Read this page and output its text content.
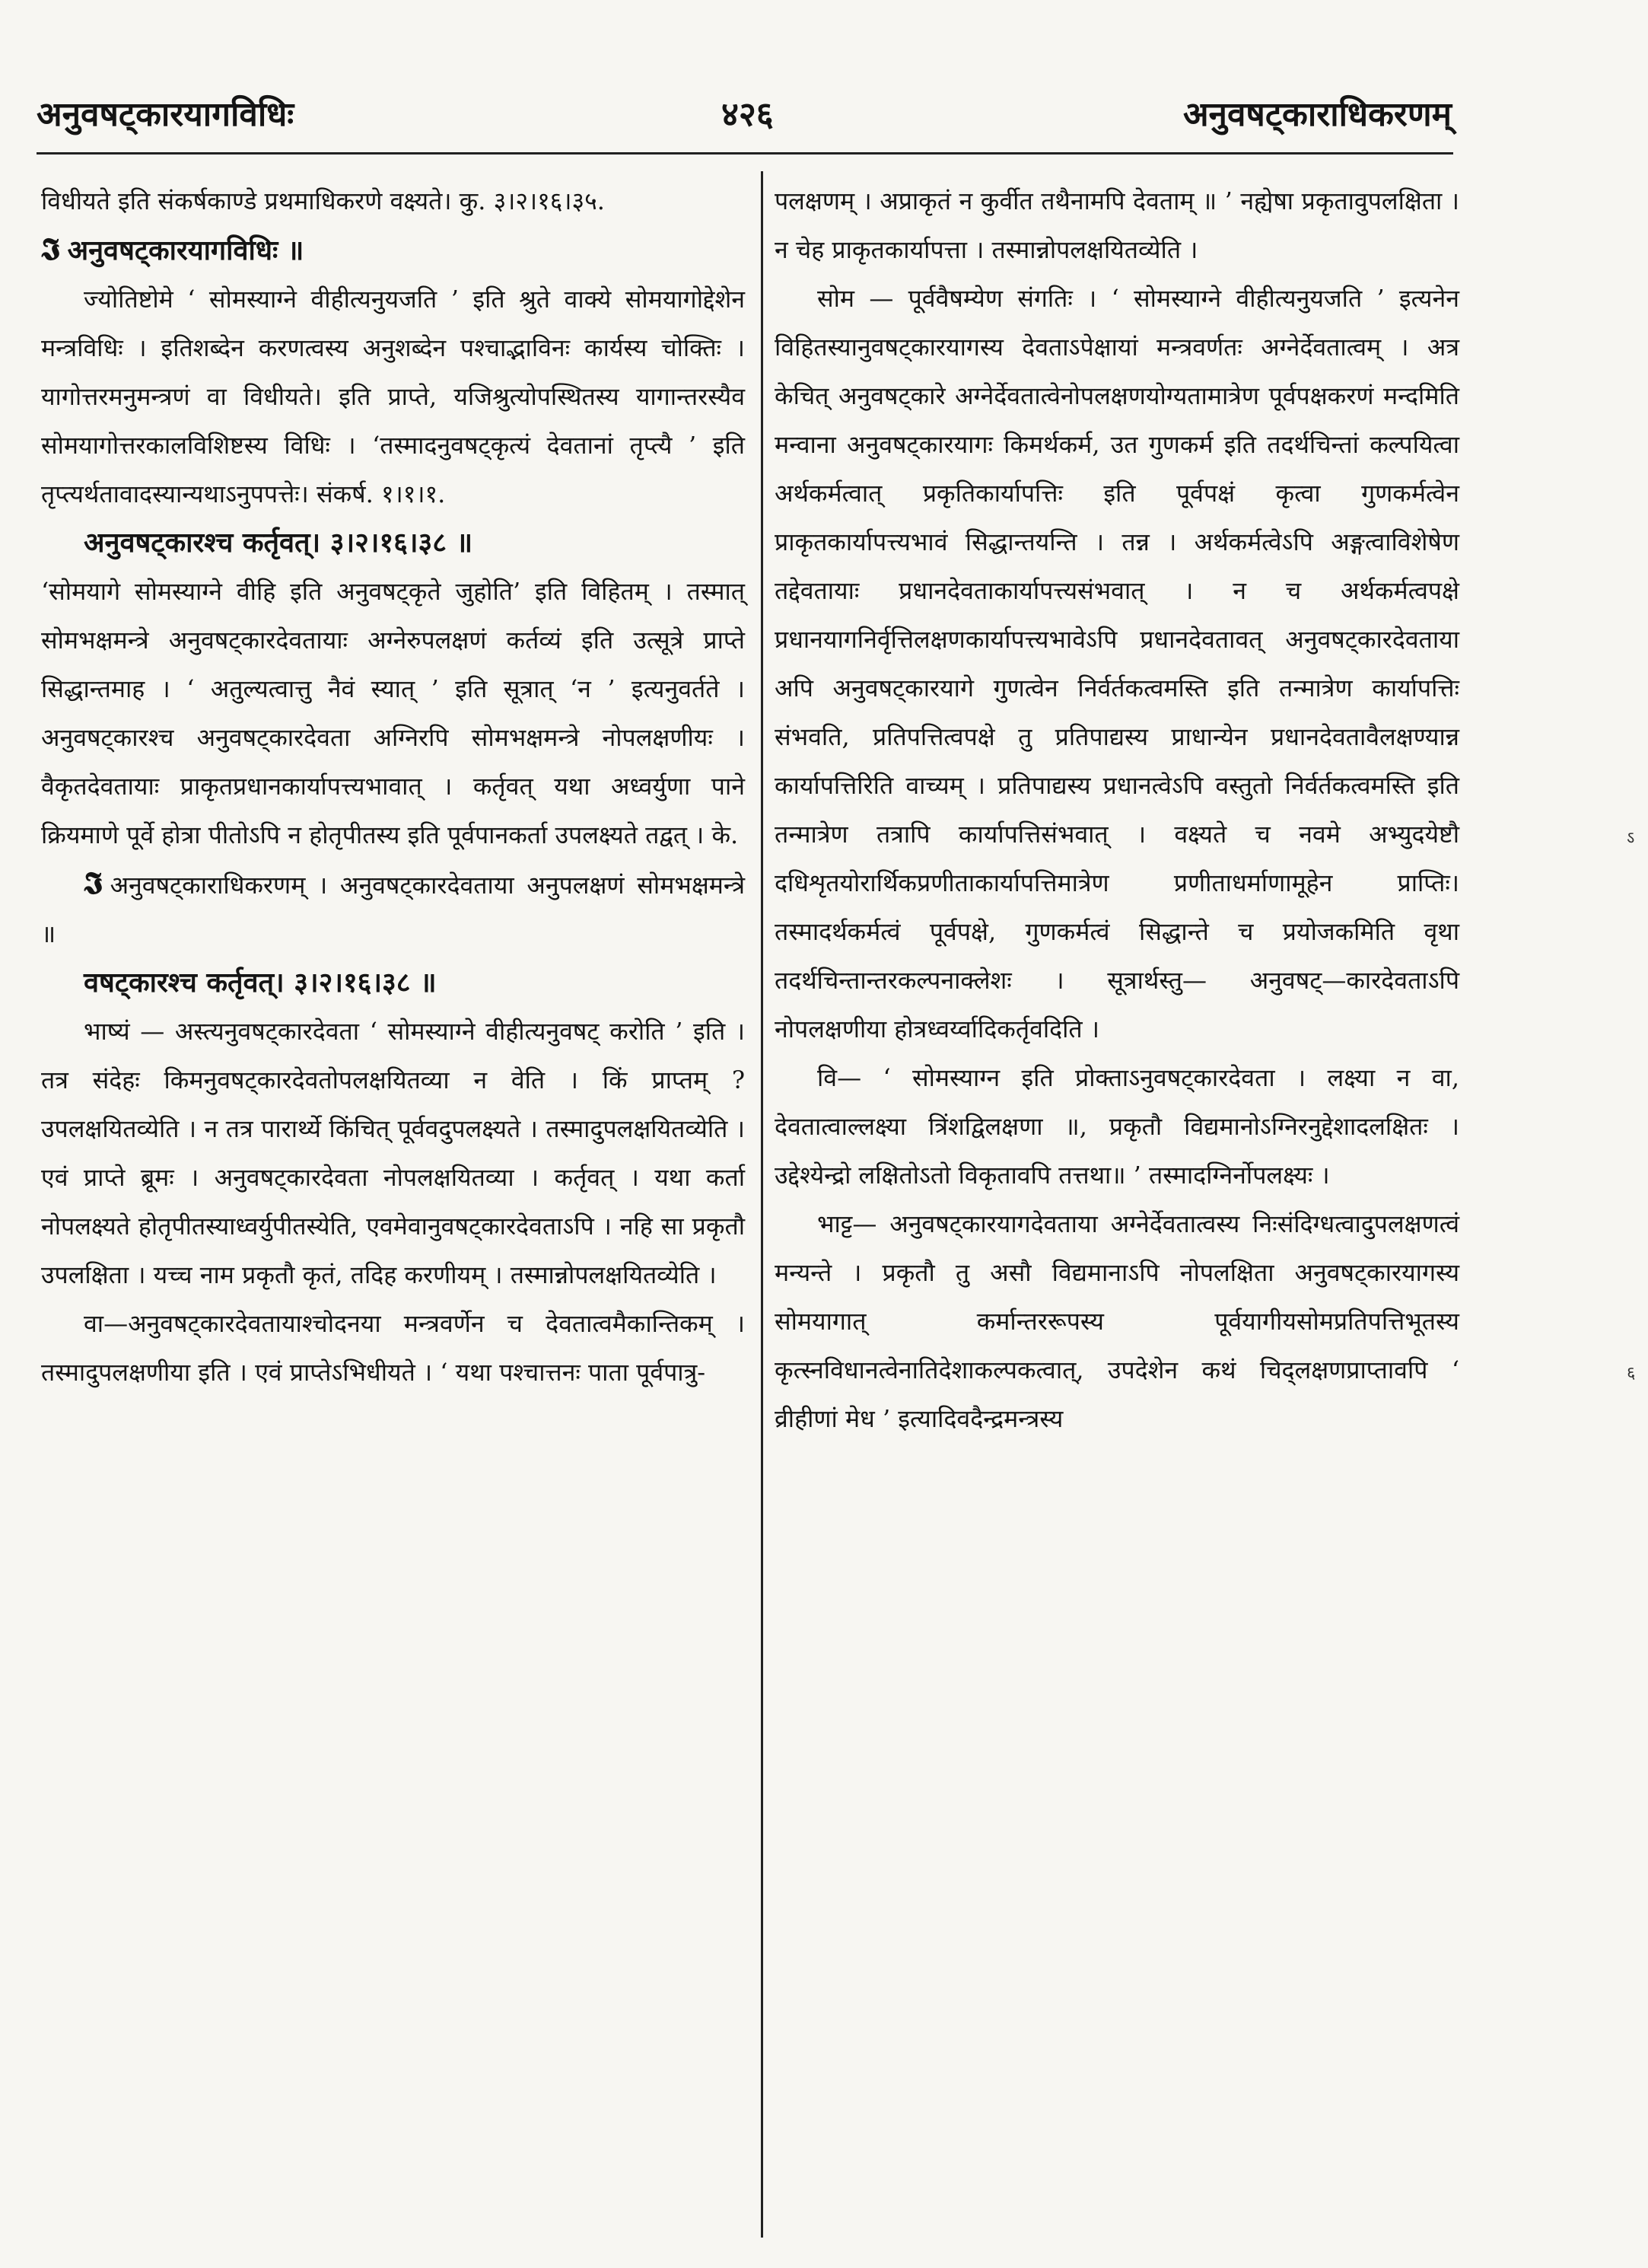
अनुवषट्कारयागविधिः	४२६	अनुवषट्काराधिकरणम्

विधीयते इति संकर्षकाण्डे प्रथमाधिकरणे वक्ष्यते। कु. ३।२।१६।३५.

𝕴 अनुवषट्कारयागविधिः ॥

ज्योतिष्टोमे ‘ सोमस्याग्ने वीहीत्यनुयजति ’ इति श्रुते वाक्ये सोमयागोद्देशेन मन्त्रविधिः । इतिशब्देन करणत्वस्य अनुशब्देन पश्चाद्भाविनः कार्यस्य चोक्तिः । यागोत्तरमनुमन्त्रणं वा विधीयते। इति प्राप्ते, यजिश्रुत्योपस्थितस्य यागान्तरस्यैव सोमयागोत्तरकालविशिष्टस्य विधिः । ‘तस्मादनुवषट्कृत्यं देवतानां तृप्त्यै ’ इति तृप्त्यर्थतावादस्यान्यथाऽनुपपत्तेः। संकर्ष. १।१।१.

अनुवषट्कारश्च कर्तृवत्। ३।२।१६।३८ ॥

‘सोमयागे सोमस्याग्ने वीहि इति अनुवषट्कृते जुहोति’ इति विहितम् । तस्मात् सोमभक्षमन्त्रे अनुवषट्कारदेवतायाः अग्नेरुपलक्षणं कर्तव्यं इति उत्सूत्रे प्राप्ते सिद्धान्तमाह । ‘ अतुल्यत्वात्तु नैवं स्यात् ’ इति सूत्रात् ‘न ’ इत्यनुवर्तते । अनुवषट्कारश्च अनुवषट्कारदेवता अग्निरपि सोमभक्षमन्त्रे नोपलक्षणीयः । वैकृतदेवतायाः प्राकृतप्रधानकार्यापत्त्यभावात् । कर्तृवत् यथा अध्वर्युणा पाने क्रियमाणे पूर्वे होत्रा पीतोऽपि न होतृपीतस्य इति पूर्वपानकर्ता उपलक्ष्यते तद्वत् । के.

𝕴 अनुवषट्काराधिकरणम् । अनुवषट्कारदेवताया अनुपलक्षणं सोमभक्षमन्त्रे ॥

वषट्कारश्च कर्तृवत्। ३।२।१६।३८ ॥

भाष्यं — अस्त्यनुवषट्कारदेवता ‘ सोमस्याग्ने वीहीत्यनुवषट् करोति ’ इति । तत्र संदेहः किमनुवषट्कारदेवतोपलक्षयितव्या न वेति । किं प्राप्तम् ? उपलक्षयितव्येति । न तत्र पारार्थ्ये किंचित् पूर्ववदुपलक्ष्यते । तस्मादुपलक्षयितव्येति । एवं प्राप्ते ब्रूमः । अनुवषट्कारदेवता नोपलक्षयितव्या । कर्तृवत् । यथा कर्ता नोपलक्ष्यते होतृपीतस्याध्वर्युपीतस्येति, एवमेवानुवषट्कारदेवताऽपि । नहि सा प्रकृतौ उपलक्षिता । यच्च नाम प्रकृतौ कृतं, तदिह करणीयम् । तस्मान्नोपलक्षयितव्येति ।

वा—अनुवषट्कारदेवतायाश्चोदनया मन्त्रवर्णेन च देवतात्वमैकान्तिकम् । तस्मादुपलक्षणीया इति । एवं प्राप्तेऽभिधीयते । ‘ यथा पश्चात्तनः पाता पूर्वपात्रु-

पलक्षणम् । अप्राकृतं न कुर्वीत तथैनामपि देवताम् ॥ ’ नह्येषा प्रकृतावुपलक्षिता । न चेह प्राकृतकार्यापत्ता । तस्मान्नोपलक्षयितव्येति ।

सोम — पूर्ववैषम्येण संगतिः । ‘ सोमस्याग्ने वीहीत्यनुयजति ’ इत्यनेन विहितस्यानुवषट्कारयागस्य देवताऽपेक्षायां मन्त्रवर्णतः अग्नेर्देवतात्वम् । अत्र केचित् अनुवषट्कारे अग्नेर्देवतात्वेनोपलक्षणयोग्यतामात्रेण पूर्वपक्षकरणं मन्दमिति मन्वाना अनुवषट्कारयागः किमर्थकर्म, उत गुणकर्म इति तदर्थचिन्तां कल्पयित्वा अर्थकर्मत्वात् प्रकृतिकार्यापत्तिः इति पूर्वपक्षं कृत्वा गुणकर्मत्वेन प्राकृतकार्यापत्त्यभावं सिद्धान्तयन्ति । तन्न । अर्थकर्मत्वेऽपि अङ्गत्वाविशेषेण तद्देवतायाः प्रधानदेवताकार्यापत्त्यसंभवात् । न च अर्थकर्मत्वपक्षे प्रधानयागनिर्वृत्तिलक्षणकार्यापत्त्यभावेऽपि प्रधानदेवतावत् अनुवषट्कारदेवताया अपि अनुवषट्कारयागे गुणत्वेन निर्वर्तकत्वमस्ति इति तन्मात्रेण कार्यापत्तिः संभवति, प्रतिपत्तित्वपक्षे तु प्रतिपाद्यस्य प्राधान्येन प्रधानदेवतावैलक्षण्यान्न कार्यापत्तिरिति वाच्यम् । प्रतिपाद्यस्य प्रधानत्वेऽपि वस्तुतो निर्वर्तकत्वमस्ति इति तन्मात्रेण तत्रापि कार्यापत्तिसंभवात् । वक्ष्यते च नवमे अभ्युदयेष्टौ दधिशृतयोरार्थिकप्रणीताकार्यापत्तिमात्रेण प्रणीताधर्माणामूहेन प्राप्तिः। तस्मादर्थकर्मत्वं पूर्वपक्षे, गुणकर्मत्वं सिद्धान्ते च प्रयोजकमिति वृथा तदर्थचिन्तान्तरकल्पनाक्लेशः । सूत्रार्थस्तु— अनुवषट्—कारदेवताऽपि नोपलक्षणीया होत्रध्वर्य्वादिकर्तृवदिति ।

वि— ‘ सोमस्याग्न इति प्रोक्ताऽनुवषट्कारदेवता । लक्ष्या न वा, देवतात्वाल्लक्ष्या त्रिंशद्विलक्षणा ॥, प्रकृतौ विद्यमानोऽग्निरनुद्देशादलक्षितः । उद्देश्येन्द्रो लक्षितोऽतो विकृतावपि तत्तथा॥ ’ तस्मादग्निर्नोपलक्ष्यः ।

भाट्ट— अनुवषट्कारयागदेवताया अग्नेर्देवतात्वस्य निःसंदिग्धत्वादुपलक्षणत्वं मन्यन्ते । प्रकृतौ तु असौ विद्यमानाऽपि नोपलक्षिता अनुवषट्कारयागस्य सोमयागात् कर्मान्तररूपस्य पूर्वयागीयसोमप्रतिपत्तिभूतस्य कृत्स्नविधानत्वेनातिदेशाकल्पकत्वात्, उपदेशेन कथं चिद्लक्षणप्राप्तावपि ‘ व्रीहीणां मेध ’ इत्यादिवदैन्द्रमन्त्रस्य

ऽ
६
